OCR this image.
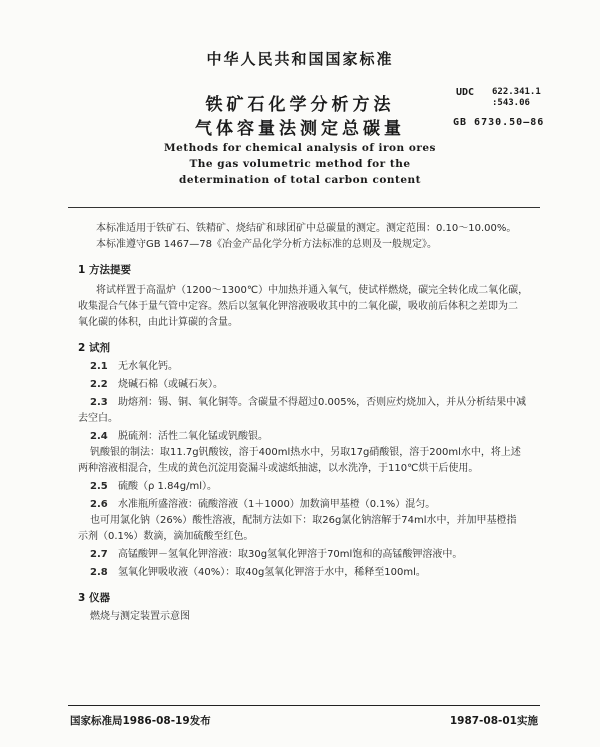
中华人民共和国国家标准
铁矿石化学分析方法
气体容量法测定总碳量
UDC 622.341.1
:543.06
GB 6730.50—86
Methods for chemical analysis of iron ores
The gas volumetric method for the
determination of total carbon content
本标准适用于铁矿石、铁精矿、烧结矿和球团矿中总碳量的测定。测定范围：0.10～10.00%。
本标准遵守GB 1467—78《冶金产品化学分析方法标准的总则及一般规定》。
1 方法提要
将试样置于高温炉（1200～1300℃）中加热并通入氧气，使试样燃烧，碳完全转化成二氧化碳，
收集混合气体于量气管中定容。然后以氢氧化钾溶液吸收其中的二氧化碳，吸收前后体积之差即为二
氧化碳的体积，由此计算碳的含量。
2 试剂
2.1 无水氧化钙。
2.2 烧碱石棉（或碱石灰）。
2.3 助熔剂：锡、铜、氧化铜等。含碳量不得超过0.005%，否则应灼烧加入，并从分析结果中减
去空白。
2.4 脱硫剂：活性二氧化锰或钒酸银。
钒酸银的制法：取11.7g钒酸铵，溶于400ml热水中，另取17g硝酸银，溶于200ml水中，将上述
两种溶液相混合，生成的黄色沉淀用瓷漏斗或滤纸抽滤，以水洗净，于110℃烘干后使用。
2.5 硫酸（ρ 1.84g/ml）。
2.6 水准瓶所盛溶液：硫酸溶液（1＋1000）加数滴甲基橙（0.1%）混匀。
也可用氯化钠（26%）酸性溶液，配制方法如下：取26g氯化钠溶解于74ml水中，并加甲基橙指
示剂（0.1%）数滴，滴加硫酸至红色。
2.7 高锰酸钾－氢氧化钾溶液：取30g氢氧化钾溶于70ml饱和的高锰酸钾溶液中。
2.8 氢氧化钾吸收液（40%）：取40g氢氧化钾溶于水中，稀释至100ml。
3 仪器
燃烧与测定装置示意图
国家标准局1986-08-19发布	1987-08-01实施
